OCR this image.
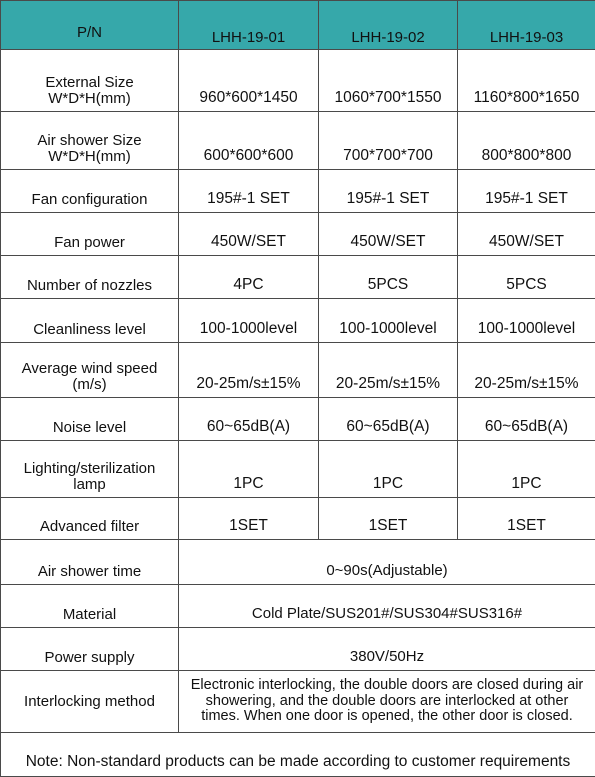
P/N	LHH-19-01	LHH-19-02	LHH-19-03
External Size
W*D*H(mm)	960*600*1450	1060*700*1550	1160*800*1650
Air shower Size
W*D*H(mm)	600*600*600	700*700*700	800*800*800
Fan configuration	195#-1 SET	195#-1 SET	195#-1 SET
Fan power	450W/SET	450W/SET	450W/SET
Number of nozzles	4PC	5PCS	5PCS
Cleanliness level	100-1000level	100-1000level	100-1000level
Average wind speed
(m/s)	20-25m/s±15%	20-25m/s±15%	20-25m/s±15%
Noise level	60~65dB(A)	60~65dB(A)	60~65dB(A)
Lighting/sterilization
lamp	1PC	1PC	1PC
Advanced filter	1SET	1SET	1SET
Air shower time	0~90s(Adjustable)		
Material	Cold Plate/SUS201#/SUS304#SUS316#		
Power supply	380V/50Hz		
Interlocking method	Electronic interlocking, the double doors are closed during air
showering, and the double doors are interlocked at other
times. When one door is opened, the other door is closed.		
Note: Non-standard products can be made according to customer requirements			
